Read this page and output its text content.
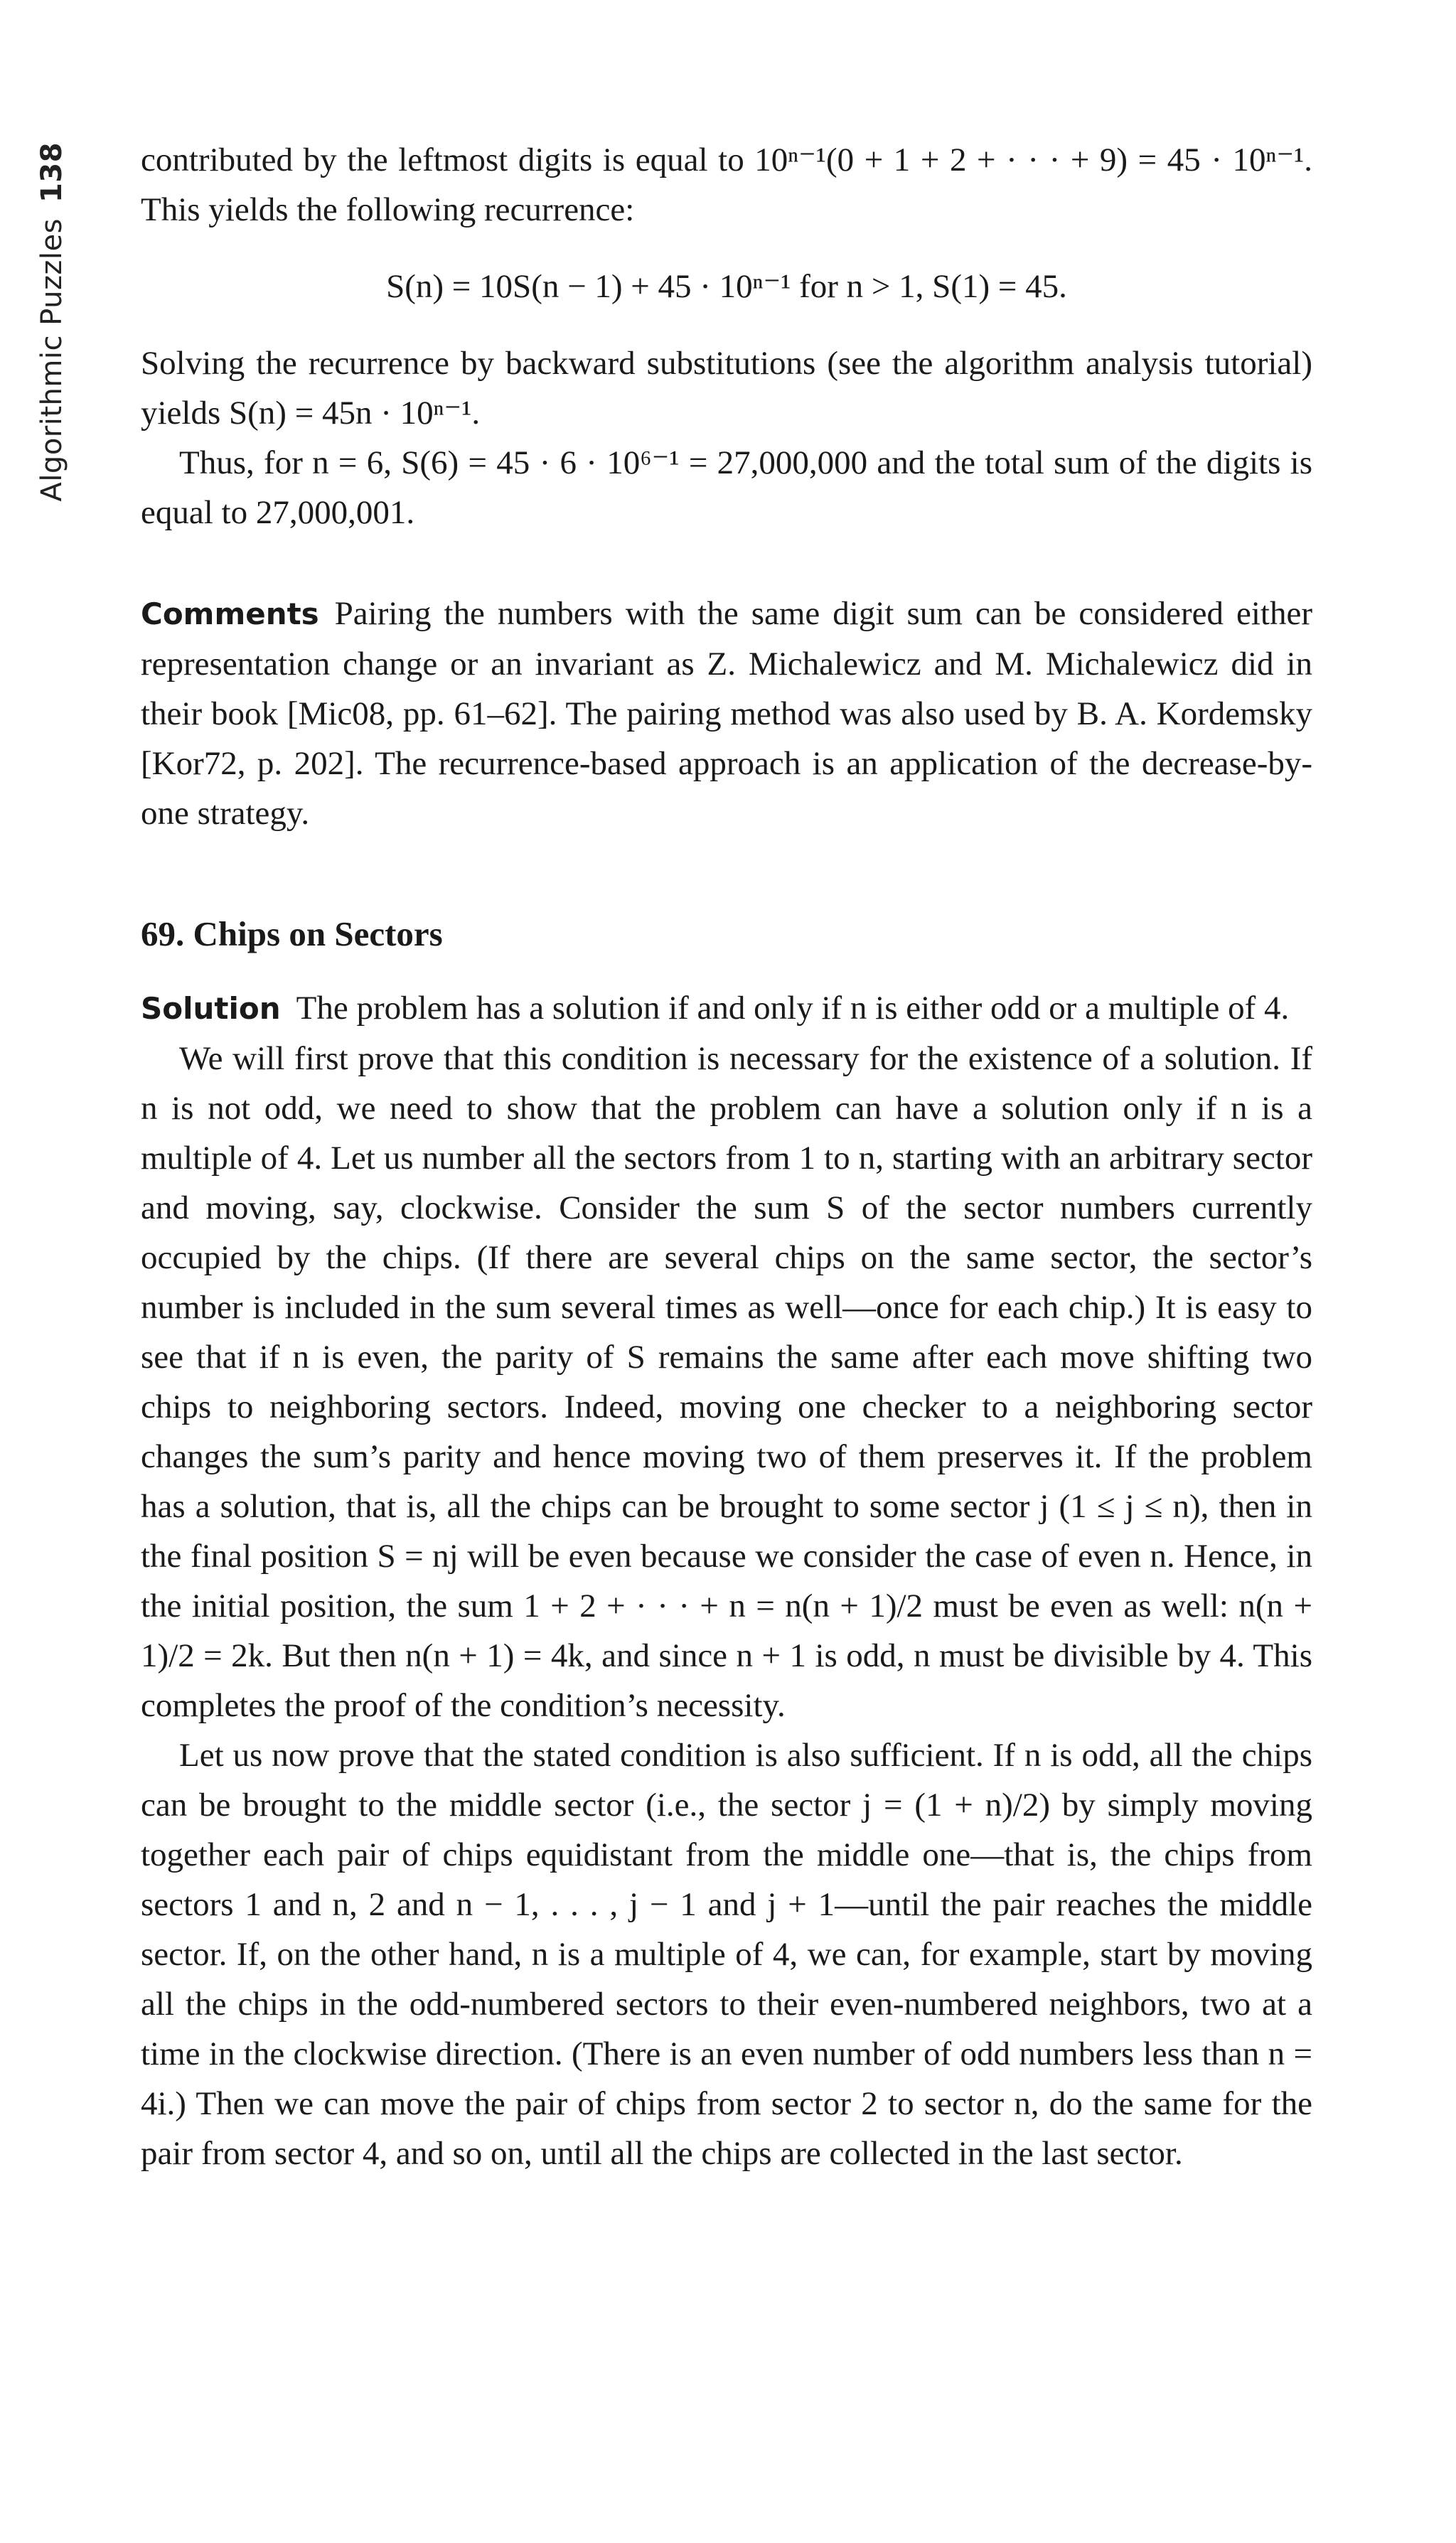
Algorithmic Puzzles
138 contributed by the leftmost digits is equal to 10ⁿ⁻¹(0 + 1 + 2 + · · · + 9) = 45 · 10ⁿ⁻¹. This yields the following recurrence:

S(n) = 10S(n − 1) + 45 · 10ⁿ⁻¹ for n > 1, S(1) = 45.

Solving the recurrence by backward substitutions (see the algorithm analysis tutorial) yields S(n) = 45n · 10ⁿ⁻¹.

Thus, for n = 6, S(6) = 45 · 6 · 10⁶⁻¹ = 27,000,000 and the total sum of the digits is equal to 27,000,001.

Comments Pairing the numbers with the same digit sum can be considered either representation change or an invariant as Z. Michalewicz and M. Michalewicz did in their book [Mic08, pp. 61–62]. The pairing method was also used by B. A. Kordemsky [Kor72, p. 202]. The recurrence-based approach is an application of the decrease-by-one strategy.

69. Chips on Sectors

Solution The problem has a solution if and only if n is either odd or a multiple of 4.

We will first prove that this condition is necessary for the existence of a solution. If n is not odd, we need to show that the problem can have a solution only if n is a multiple of 4. Let us number all the sectors from 1 to n, starting with an arbitrary sector and moving, say, clockwise. Consider the sum S of the sector numbers currently occupied by the chips. (If there are several chips on the same sector, the sector’s number is included in the sum several times as well—once for each chip.) It is easy to see that if n is even, the parity of S remains the same after each move shifting two chips to neighboring sectors. Indeed, moving one checker to a neighboring sector changes the sum’s parity and hence moving two of them preserves it. If the problem has a solution, that is, all the chips can be brought to some sector j (1 ≤ j ≤ n), then in the final position S = nj will be even because we consider the case of even n. Hence, in the initial position, the sum 1 + 2 + · · · + n = n(n + 1)/2 must be even as well: n(n + 1)/2 = 2k. But then n(n + 1) = 4k, and since n + 1 is odd, n must be divisible by 4. This completes the proof of the condition’s necessity.

Let us now prove that the stated condition is also sufficient. If n is odd, all the chips can be brought to the middle sector (i.e., the sector j = (1 + n)/2) by simply moving together each pair of chips equidistant from the middle one—that is, the chips from sectors 1 and n, 2 and n − 1, . . . , j − 1 and j + 1—until the pair reaches the middle sector. If, on the other hand, n is a multiple of 4, we can, for example, start by moving all the chips in the odd-numbered sectors to their even-numbered neighbors, two at a time in the clockwise direction. (There is an even number of odd numbers less than n = 4i.) Then we can move the pair of chips from sector 2 to sector n, do the same for the pair from sector 4, and so on, until all the chips are collected in the last sector.
